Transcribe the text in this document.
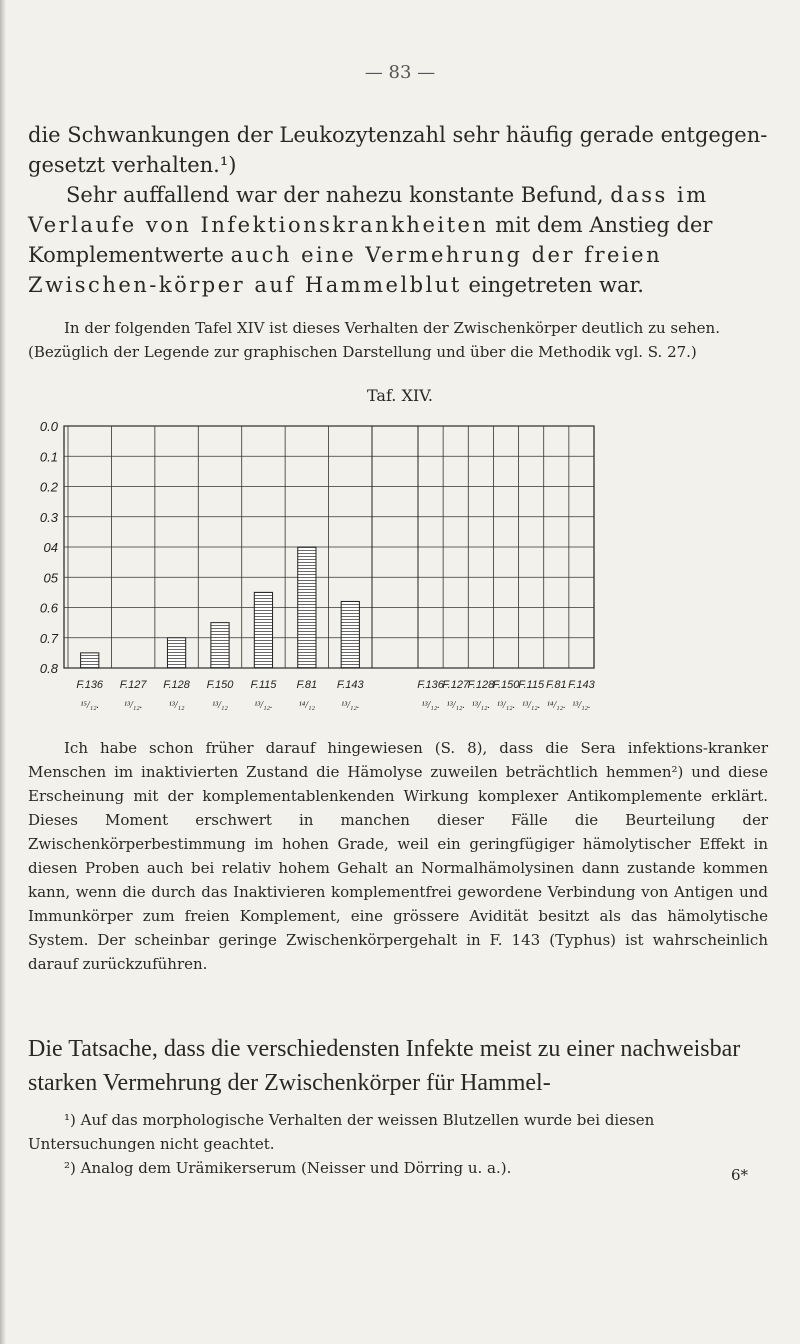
— 83 —

die Schwankungen der Leukozytenzahl sehr häufig gerade entgegen-gesetzt verhalten.¹)
Sehr auffallend war der nahezu konstante Befund, dass im Verlaufe von Infektionskrankheiten mit dem Anstieg der Komplementwerte auch eine Vermehrung der freien Zwischen-körper auf Hammelblut eingetreten war.

In der folgenden Tafel XIV ist dieses Verhalten der Zwischenkörper deutlich zu sehen. (Bezüglich der Legende zur graphischen Darstellung und über die Methodik vgl. S. 27.)

Taf. XIV.
0.0
0.1
0.2
0.3
04
05
0.6
0.7
0.8
F.136
¹⁵/₁₂.
F.127
¹³/₁₂.
F.128
¹³/₁₂
F.150
¹³/₁₂
F.115
¹³/₁₂.
F.81
¹⁴/₁₂
F.143
¹³/₁₂.
F.136
¹³/₁₂.
F.127
¹³/₁₂.
F.128
¹³/₁₂.
F.150
¹³/₁₂.
F.115
¹³/₁₂.
F.81
¹⁴/₁₂.
F.143
¹³/₁₂.

Ich habe schon früher darauf hingewiesen (S. 8), dass die Sera infektions-kranker Menschen im inaktivierten Zustand die Hämolyse zuweilen beträchtlich hemmen²) und diese Erscheinung mit der komplementablenkenden Wirkung komplexer Antikomplemente erklärt. Dieses Moment erschwert in manchen dieser Fälle die Beurteilung der Zwischenkörperbestimmung im hohen Grade, weil ein geringfügiger hämolytischer Effekt in diesen Proben auch bei relativ hohem Gehalt an Normalhämolysinen dann zustande kommen kann, wenn die durch das Inaktivieren komplementfrei gewordene Verbindung von Antigen und Immunkörper zum freien Komplement, eine grössere Avidität besitzt als das hämolytische System. Der scheinbar geringe Zwischenkörpergehalt in F. 143 (Typhus) ist wahrscheinlich darauf zurückzuführen.

Die Tatsache, dass die verschiedensten Infekte meist zu einer nachweisbar starken Vermehrung der Zwischenkörper für Hammel-

¹) Auf das morphologische Verhalten der weissen Blutzellen wurde bei diesen Untersuchungen nicht geachtet.

²) Analog dem Urämikerserum (Neisser und Dörring u. a.).	6*
